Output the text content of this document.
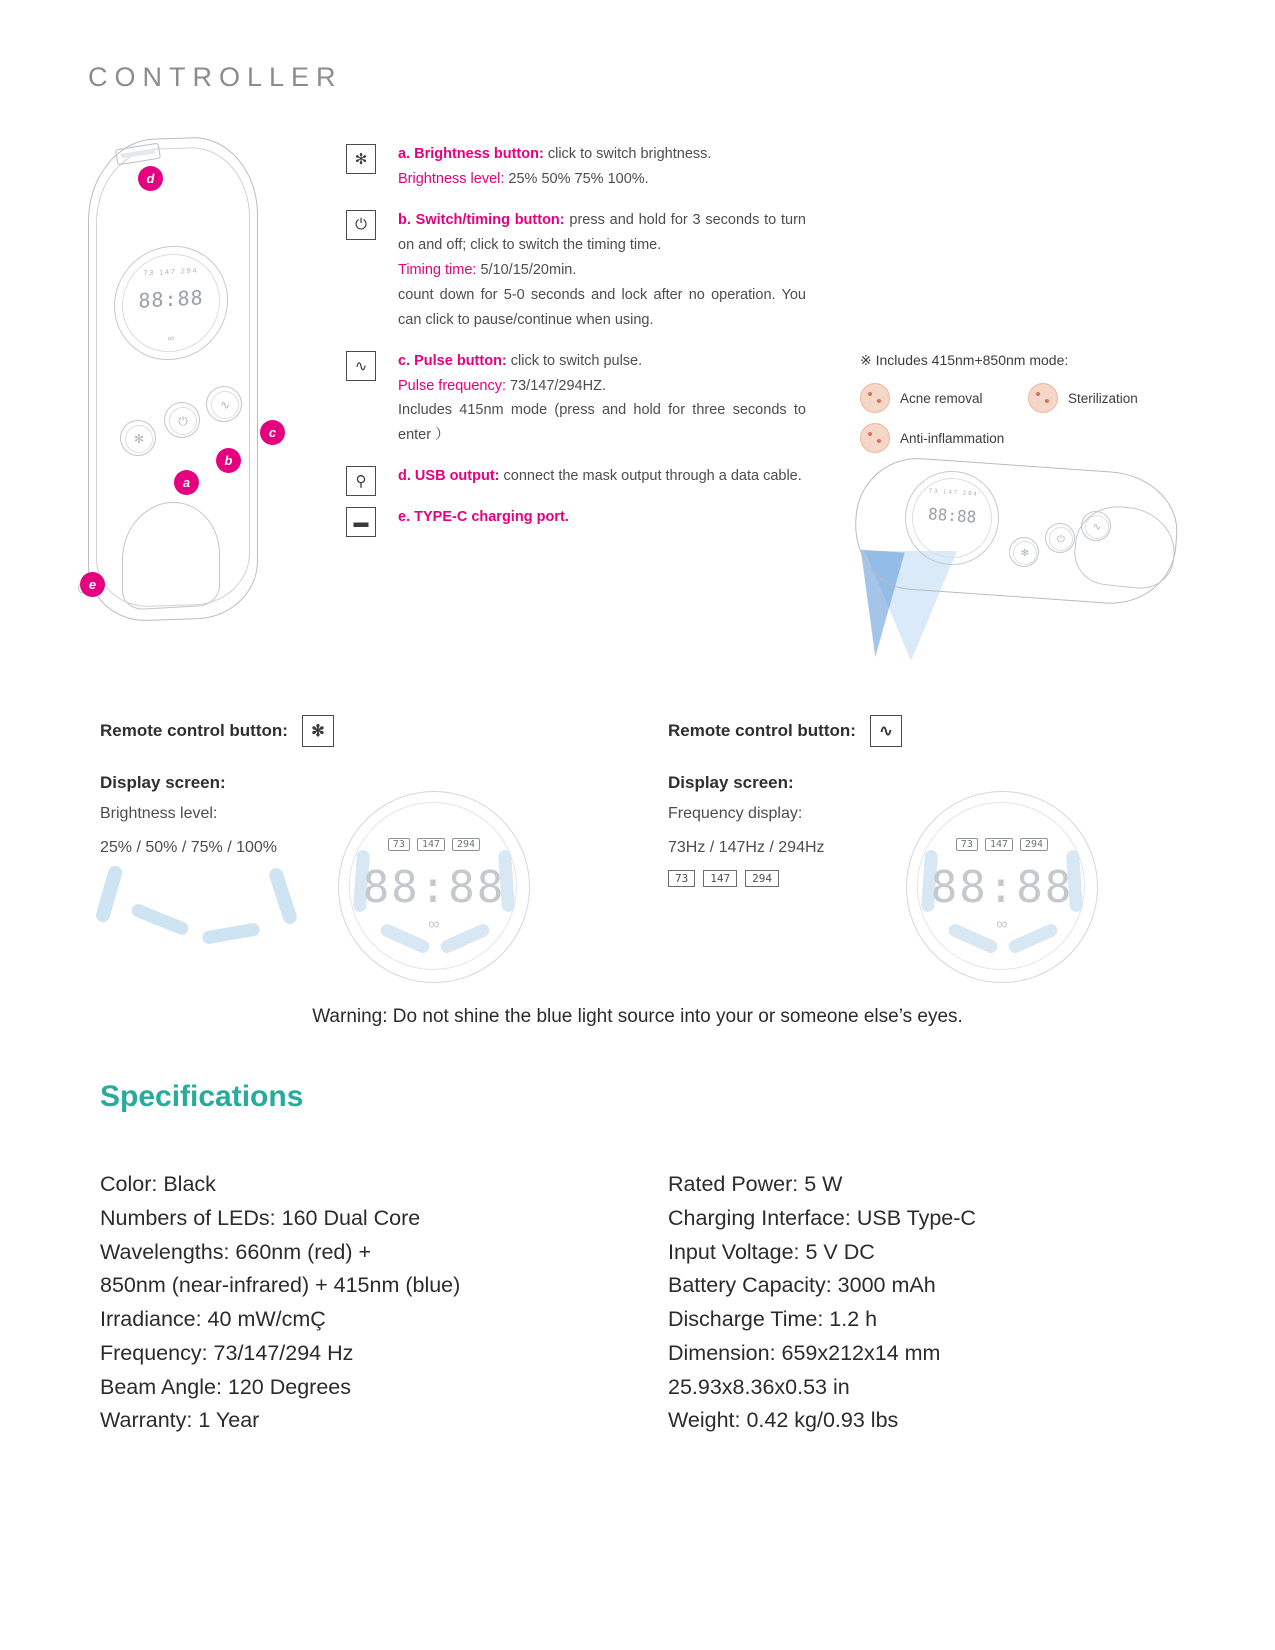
CONTROLLER
73 147 294
88:88
∞
✻
⏻
∿
d
a
b
c
e
✻	a. Brightness button: click to switch brightness.
Brightness level: 25% 50% 75% 100%.
⏻	b. Switch/timing button: press and hold for 3 seconds to turn on and off; click to switch the timing time.
Timing time: 5/10/15/20min.
count down for 5-0 seconds and lock after no operation. You can click to pause/continue when using.
∿	c. Pulse button: click to switch pulse.
Pulse frequency: 73/147/294HZ.
Includes 415nm mode (press and hold for three seconds to enter ）
⚲	d. USB output: connect the mask output through a data cable.
▬	e. TYPE-C charging port.
※ Includes 415nm+850nm mode:
Acne removal	Sterilization
Anti-inflammation
73 147 294
88:88
✻
⏻
∿
Remote control button:	✻
Display screen:
Brightness level:
25% / 50% / 75% / 100%	73	147	294
88:88
∞
Remote control button:	∿
Display screen:
Frequency display:
73Hz / 147Hz / 294Hz
73	147	294
73	147	294
88:88
∞
Warning: Do not shine the blue light source into your or someone else’s eyes.
Specifications
Color: Black
Numbers of LEDs: 160 Dual Core
Wavelengths: 660nm (red) +
850nm (near-infrared) + 415nm (blue)
Irradiance: 40 mW/cmÇ
Frequency: 73/147/294 Hz
Beam Angle: 120 Degrees
Warranty: 1 Year
Rated Power: 5 W
Charging Interface: USB Type-C
Input Voltage: 5 V DC
Battery Capacity: 3000 mAh
Discharge Time: 1.2 h
Dimension: 659x212x14 mm
25.93x8.36x0.53 in
Weight: 0.42 kg/0.93 lbs
